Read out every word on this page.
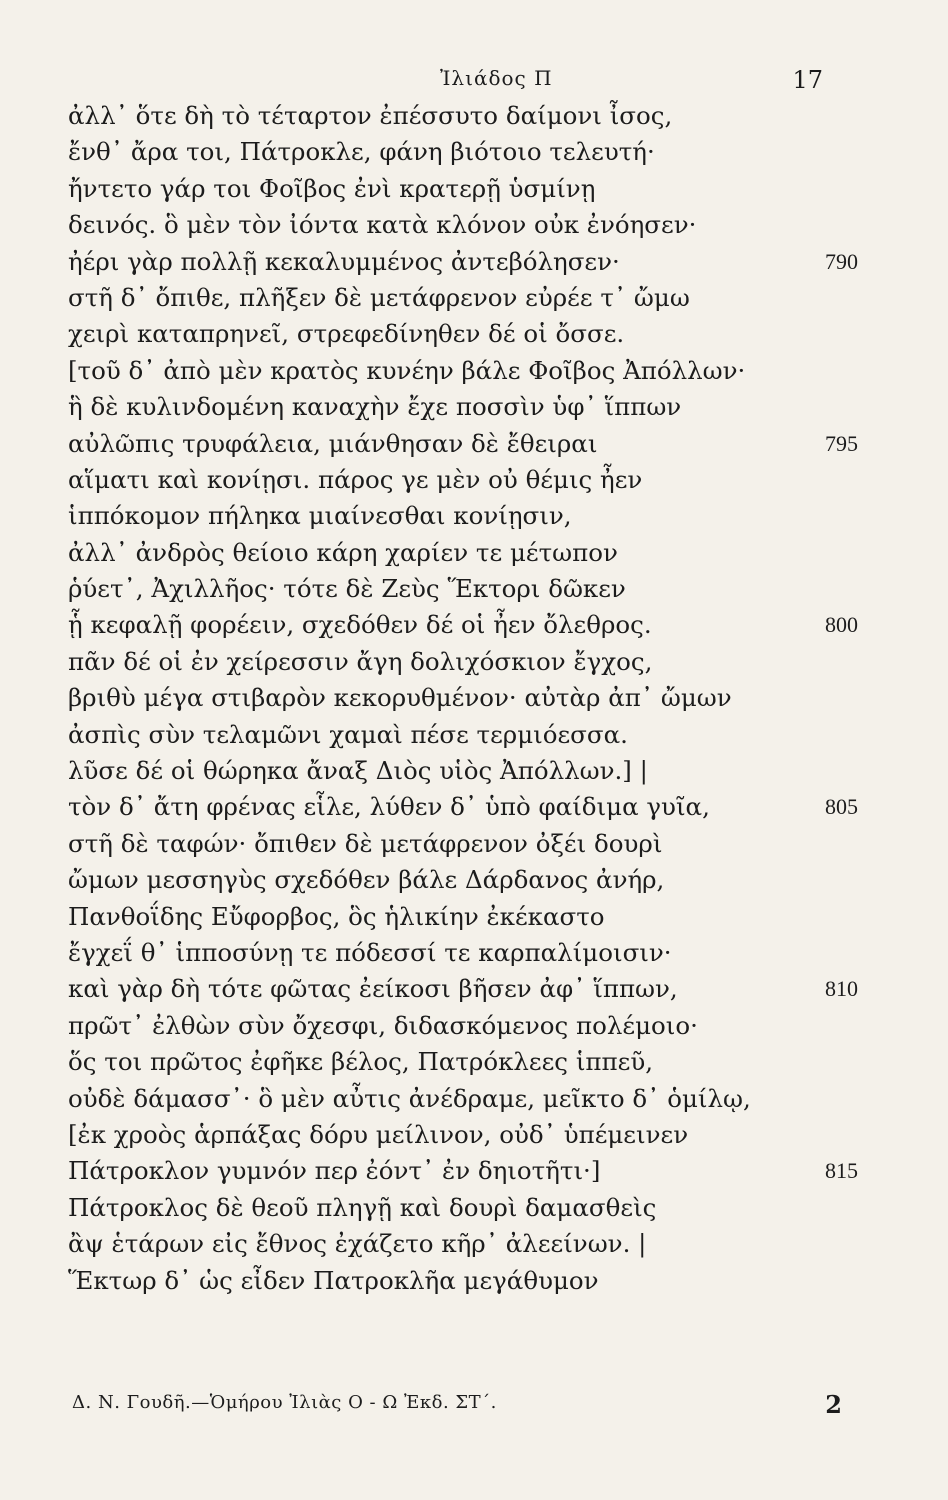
Ἰλιάδος Π	17
ἀλλ᾽ ὅτε δὴ τὸ τέταρτον ἐπέσσυτο δαίμονι ἶσος,
ἔνθ᾽ ἄρα τοι, Πάτροκλε, φάνη βιότοιο τελευτή·
ἤντετο γάρ τοι Φοῖβος ἐνὶ κρατερῇ ὑσμίνῃ
δεινός. ὃ μὲν τὸν ἰόντα κατὰ κλόνον οὐκ ἐνόησεν·
ἠέρι γὰρ πολλῇ κεκαλυμμένος ἀντεβόλησεν·	790
στῆ δ᾽ ὄπιθε, πλῆξεν δὲ μετάφρενον εὐρέε τ᾽ ὤμω
χειρὶ καταπρηνεῖ, στρεφεδίνηθεν δέ οἱ ὄσσε.
[τοῦ δ᾽ ἀπὸ μὲν κρατὸς κυνέην βάλε Φοῖβος Ἀπόλλων·
ἣ δὲ κυλινδομένη καναχὴν ἔχε ποσσὶν ὑφ᾽ ἵππων
αὐλῶπις τρυφάλεια, μιάνθησαν δὲ ἔθειραι	795
αἵματι καὶ κονίῃσι. πάρος γε μὲν οὐ θέμις ἦεν
ἱππόκομον πήληκα μιαίνεσθαι κονίῃσιν,
ἀλλ᾽ ἀνδρὸς θείοιο κάρη χαρίεν τε μέτωπον
ῥύετ᾽, Ἀχιλλῆος· τότε δὲ Ζεὺς Ἕκτορι δῶκεν
ᾗ κεφαλῇ φορέειν, σχεδόθεν δέ οἱ ἦεν ὄλεθρος.	800
πᾶν δέ οἱ ἐν χείρεσσιν ἄγη δολιχόσκιον ἔγχος,
βριθὺ μέγα στιβαρὸν κεκορυθμένον· αὐτὰρ ἀπ᾽ ὤμων
ἀσπὶς σὺν τελαμῶνι χαμαὶ πέσε τερμιόεσσα.
λῦσε δέ οἱ θώρηκα ἄναξ Διὸς υἱὸς Ἀπόλλων.] |
τὸν δ᾽ ἄτη φρένας εἷλε, λύθεν δ᾽ ὑπὸ φαίδιμα γυῖα,	805
στῆ δὲ ταφών· ὄπιθεν δὲ μετάφρενον ὀξέι δουρὶ
ὤμων μεσσηγὺς σχεδόθεν βάλε Δάρδανος ἀνήρ,
Πανθοΐδης Εὔφορβος, ὃς ἡλικίην ἐκέκαστο
ἔγχεΐ θ᾽ ἱπποσύνῃ τε πόδεσσί τε καρπαλίμοισιν·
καὶ γὰρ δὴ τότε φῶτας ἐείκοσι βῆσεν ἀφ᾽ ἵππων,	810
πρῶτ᾽ ἐλθὼν σὺν ὄχεσφι, διδασκόμενος πολέμοιο·
ὅς τοι πρῶτος ἐφῆκε βέλος, Πατρόκλεες ἱππεῦ,
οὐδὲ δάμασσ᾽· ὃ μὲν αὖτις ἀνέδραμε, μεῖκτο δ᾽ ὁμίλῳ,
[ἐκ χροὸς ἁρπάξας δόρυ μείλινον, οὐδ᾽ ὑπέμεινεν
Πάτροκλον γυμνόν περ ἐόντ᾽ ἐν δηιοτῆτι·]	815
Πάτροκλος δὲ θεοῦ πληγῇ καὶ δουρὶ δαμασθεὶς
ἂψ ἑτάρων εἰς ἔθνος ἐχάζετο κῆρ᾽ ἀλεείνων. |
Ἕκτωρ δ᾽ ὡς εἶδεν Πατροκλῆα μεγάθυμον
Δ. Ν. Γουδῆ.—Ὁμήρου Ἰλιὰς Ο - Ω Ἐκδ. ΣΤ΄.	2
